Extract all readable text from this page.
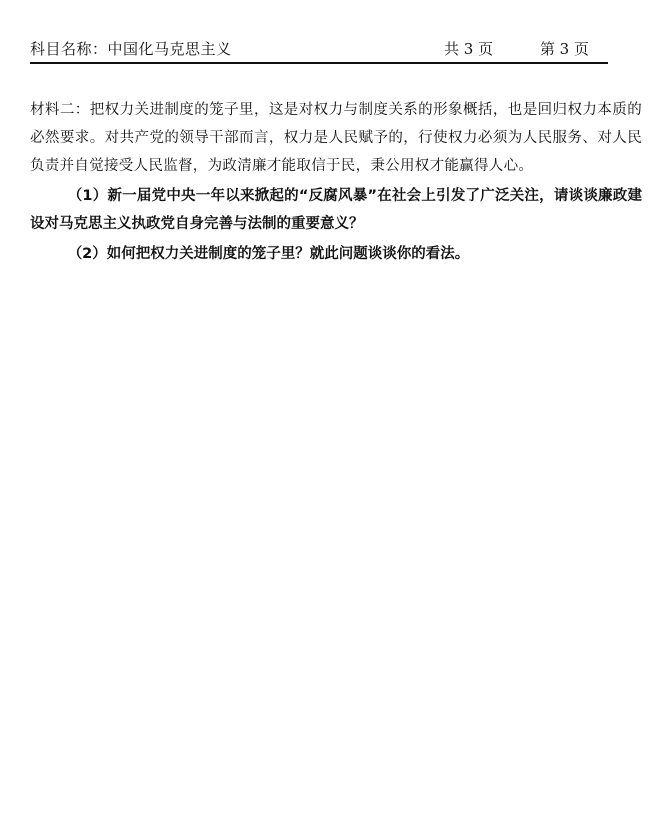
科目名称：中国化马克思主义	共 3 页	第 3 页

材料二：把权力关进制度的笼子里，这是对权力与制度关系的形象概括，也是回归权力本质的必然要求。对共产党的领导干部而言，权力是人民赋予的，行使权力必须为人民服务、对人民负责并自觉接受人民监督，为政清廉才能取信于民，秉公用权才能赢得人心。

（1）新一届党中央一年以来掀起的“反腐风暴”在社会上引发了广泛关注，请谈谈廉政建设对马克思主义执政党自身完善与法制的重要意义？

（2）如何把权力关进制度的笼子里？就此问题谈谈你的看法。
